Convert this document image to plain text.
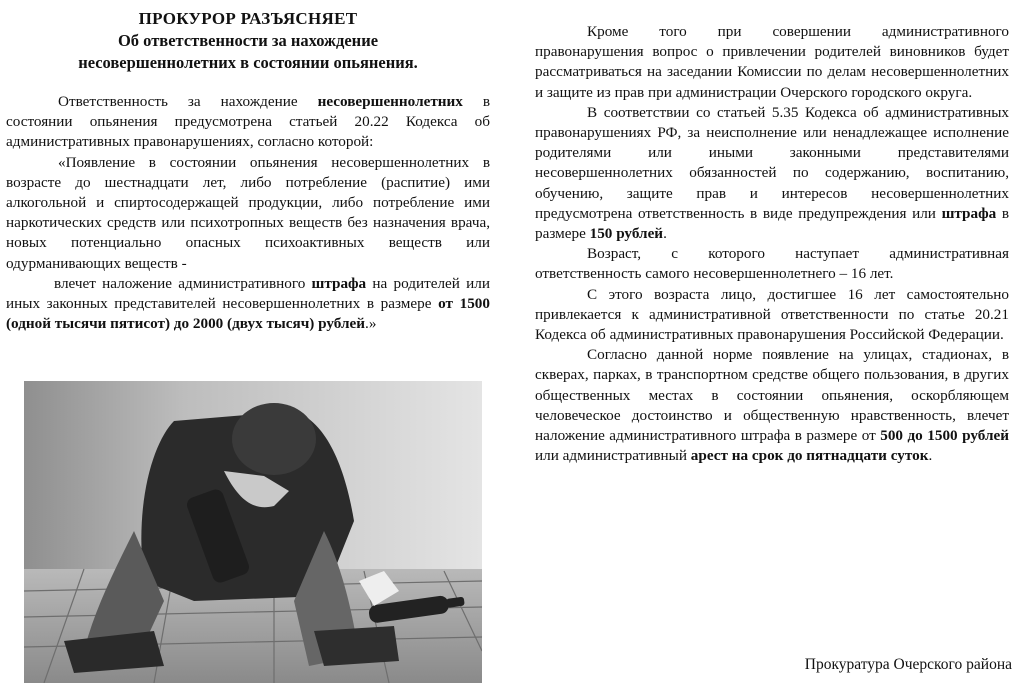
ПРОКУРОР РАЗЪЯСНЯЕТ
Об ответственности за нахождение
несовершеннолетних в состоянии опьянения.

Ответственность за нахождение несовершеннолетних в состоянии опьянения предусмотрена статьей 20.22 Кодекса об административных правонарушениях, согласно которой:

«Появление в состоянии опьянения несовершеннолетних в возрасте до шестнадцати лет, либо потребление (распитие) ими алкогольной и спиртосодержащей продукции, либо потребление ими наркотических средств или психотропных веществ без назначения врача, новых потенциально опасных психоактивных веществ или одурманивающих веществ -

влечет наложение административного штрафа на родителей или иных законных представителей несовершеннолетних в размере от 1500 (одной тысячи пятисот) до 2000 (двух тысяч) рублей.»

Кроме того при совершении административного правонарушения вопрос о привлечении родителей виновников будет рассматриваться на заседании Комиссии по делам несовершеннолетних и защите из прав при администрации Очерского городского округа.

В соответствии со статьей 5.35 Кодекса об административных правонарушениях РФ, за неисполнение или ненадлежащее исполнение родителями или иными законными представителями несовершеннолетних обязанностей по содержанию, воспитанию, обучению, защите прав и интересов несовершеннолетних предусмотрена ответственность в виде предупреждения или штрафа в размере 150 рублей.

Возраст, с которого наступает административная ответственность самого несовершеннолетнего – 16 лет.

С этого возраста лицо, достигшее 16 лет самостоятельно привлекается к административной ответственности по статье 20.21 Кодекса об административных правонарушения Российской Федерации.

Согласно данной норме появление на улицах, стадионах, в скверах, парках, в транспортном средстве общего пользования, в других общественных местах в состоянии опьянения, оскорбляющем человеческое достоинство и общественную нравственность, влечет наложение административного штрафа в размере от 500 до 1500 рублей или административный арест на срок до пятнадцати суток.

Прокуратура Очерского района
